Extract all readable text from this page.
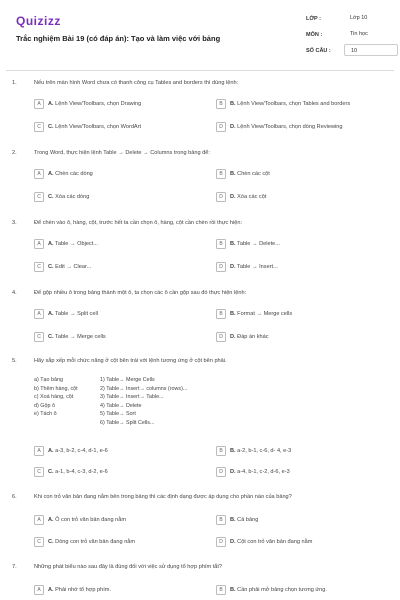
Quizizz
Trắc nghiệm Bài 19 (có đáp án): Tạo và làm việc với bảng
LỚP :	Lớp 10
MÔN :	Tin học
SỐ CÂU :	10
1.	Nếu trên màn hình Word chưa có thanh công cụ Tables and borders thì dùng lệnh:
A	A. Lệnh View/Toolbars, chọn Drawing	B	B. Lệnh View/Toolbars, chọn Tables and borders
C	C. Lệnh View/Toolbars, chọn WordArt	D	D. Lệnh View/Toolbars, chọn dòng Reviewing
2.	Trong Word, thực hiện lệnh Table → Delete → Columns trong bảng để:
A	A. Chèn các dòng	B	B. Chèn các cột
C	C. Xóa các dòng	D	D. Xóa các cột
3.	Để chèn vào ô, hàng, cột, trước hết ta cần chọn ô, hàng, cột cần chèn rồi thực hiện:
A	A. Table → Object...	B	B. Table → Delete...
C	C. Edit → Clear...	D	D. Table → Insert...
4.	Để gộp nhiều ô trong bảng thành một ô, ta chọn các ô cần gộp sau đó thực hiện lệnh:
A	A. Table → Split cell	B	B. Format → Merge cells
C	C. Table → Merge cells	D	D. Đáp án khác
5.	Hãy sắp xếp mỗi chức năng ở cột bên trái với lệnh tương ứng ở cột bên phải.
a) Tạo bảng
b) Thêm hàng, cột
c) Xoá hàng, cột
d) Gộp ô
e) Tách ô
1) Table→ Merge Cells
2) Table→ Insert→ columns (rows)...
3) Table→ Insert→ Table...
4) Table→ Delete
5) Table→ Sort
6) Table→ Split Cells...
A	A. a-3, b-2, c-4, d-1, e-6	B	B. a-2, b-1, c-6, d- 4, e-3
C	C. a-1, b-4, c-3, d-2, e-6	D	D. a-4, b-1, c-2, d-6, e-3
6.	Khi con trỏ văn bản đang nằm bên trong bảng thì các định dạng được áp dụng cho phần nào của bảng?
A	A. Ô con trỏ văn bản đang nằm	B	B. Cả bảng
C	C. Dòng con trỏ văn bản đang nằm	D	D. Cột con trỏ văn bản đang nằm
7.	Những phát biểu nào sau đây là đúng đối với việc sử dụng tổ hợp phím tắt?
A	A. Phải nhớ tổ hợp phím.	B	B. Cần phải mở bảng chọn tương ứng.
